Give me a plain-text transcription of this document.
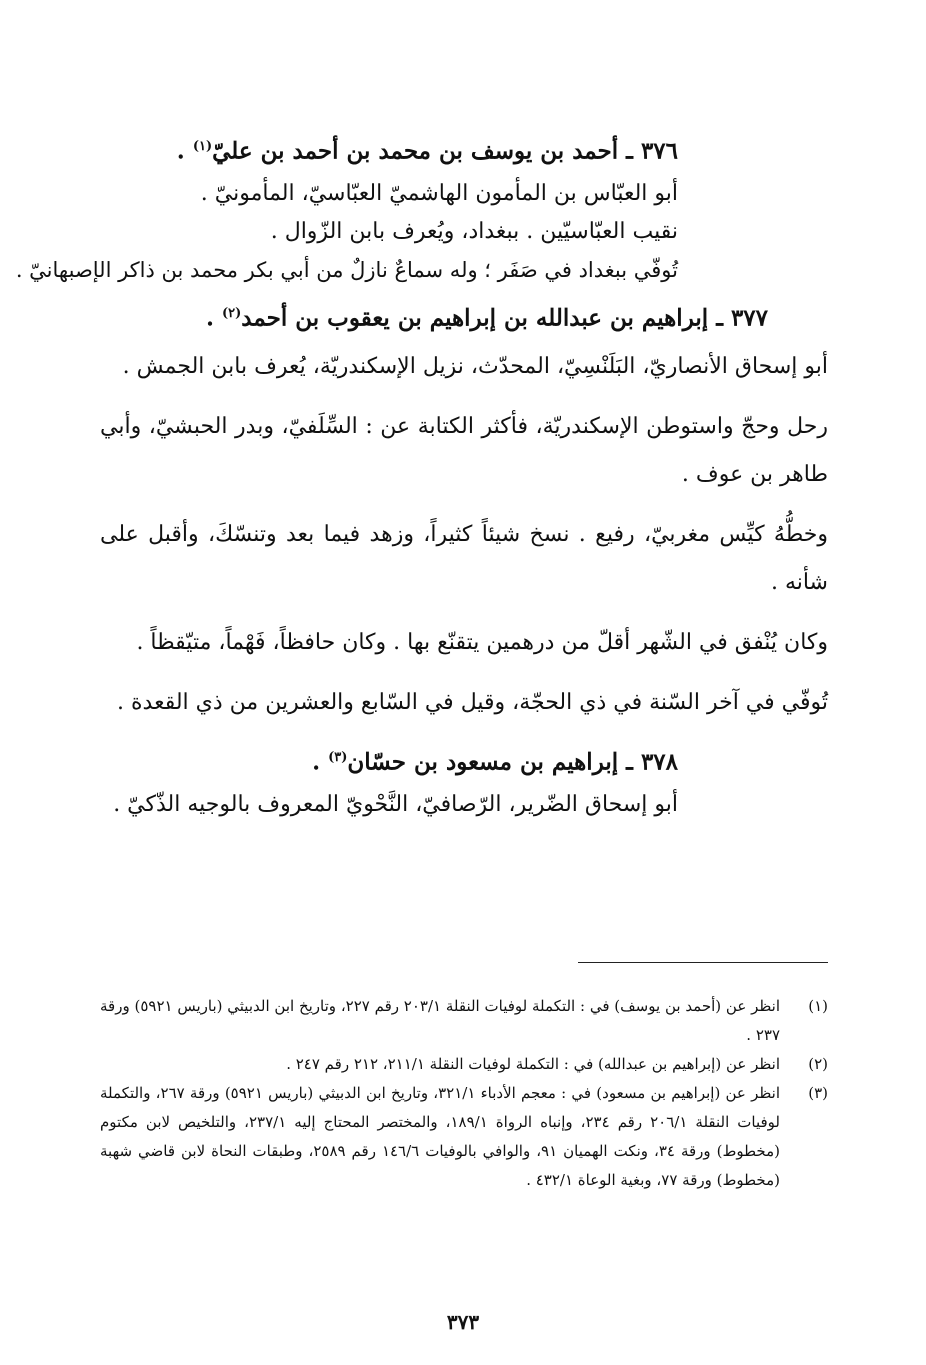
٣٧٦ ـ أحمد بن يوسف بن محمد بن أحمد بن عليّ$^{(١)}$ .
أبو العبّاس بن المأمون الهاشميّ العبّاسيّ، المأمونيّ .
نقيب العبّاسيّين . ببغداد، ويُعرف بابن الزّوال .
تُوفّي ببغداد في صَفَر ؛ وله سماعٌ نازلٌ من أبي بكر محمد بن ذاكر الإصبهانيّ .
٣٧٧ ـ إبراهيم بن عبدالله بن إبراهيم بن يعقوب بن أحمد$^{(٢)}$ .

أبو إسحاق الأنصاريّ، البَلَنْسِيّ، المحدّث، نزيل الإسكندريّة، يُعرف بابن الجمش .

رحل وحجّ واستوطن الإسكندريّة، فأكثر الكتابة عن : السِّلَفيّ، وبدر الحبشيّ، وأبي طاهر بن عوف .

وخطُّهُ كيِّس مغربيّ، رفيع . نسخ شيئاً كثيراً، وزهد فيما بعد وتنسّكَ، وأقبل على شأنه .

وكان يُنْفق في الشّهر أقلّ من درهمين يتقنّع بها . وكان حافظاً، فَهْماً، متيّقظاً .

تُوفّي في آخر السّنة في ذي الحجّة، وقيل في السّابع والعشرين من ذي القعدة .

٣٧٨ ـ إبراهيم بن مسعود بن حسّان$^{(٣)}$ .
أبو إسحاق الضّرير، الرّصافيّ، النَّحْويّ المعروف بالوجيه الذّكيّ .
(١)
انظر عن (أحمد بن يوسف) في : التكملة لوفيات النقلة ٢٠٣/١ رقم ٢٢٧، وتاريخ ابن الدبيثي (باريس ٥٩٢١) ورقة ٢٣٧ .
(٢)
انظر عن (إبراهيم بن عبدالله) في : التكملة لوفيات النقلة ٢١١/١، ٢١٢ رقم ٢٤٧ .
(٣)
انظر عن (إبراهيم بن مسعود) في : معجم الأدباء ٣٢١/١، وتاريخ ابن الدبيثي (باريس ٥٩٢١) ورقة ٢٦٧، والتكملة لوفيات النقلة ٢٠٦/١ رقم ٢٣٤، وإنباه الرواة ١٨٩/١، والمختصر المحتاج إليه ٢٣٧/١، والتلخيص لابن مكتوم (مخطوط) ورقة ٣٤، ونكت الهميان ٩١، والوافي بالوفيات ١٤٦/٦ رقم ٢٥٨٩، وطبقات النحاة لابن قاضي شهبة (مخطوط) ورقة ٧٧، وبغية الوعاة ٤٣٢/١ .
٣٧٣
